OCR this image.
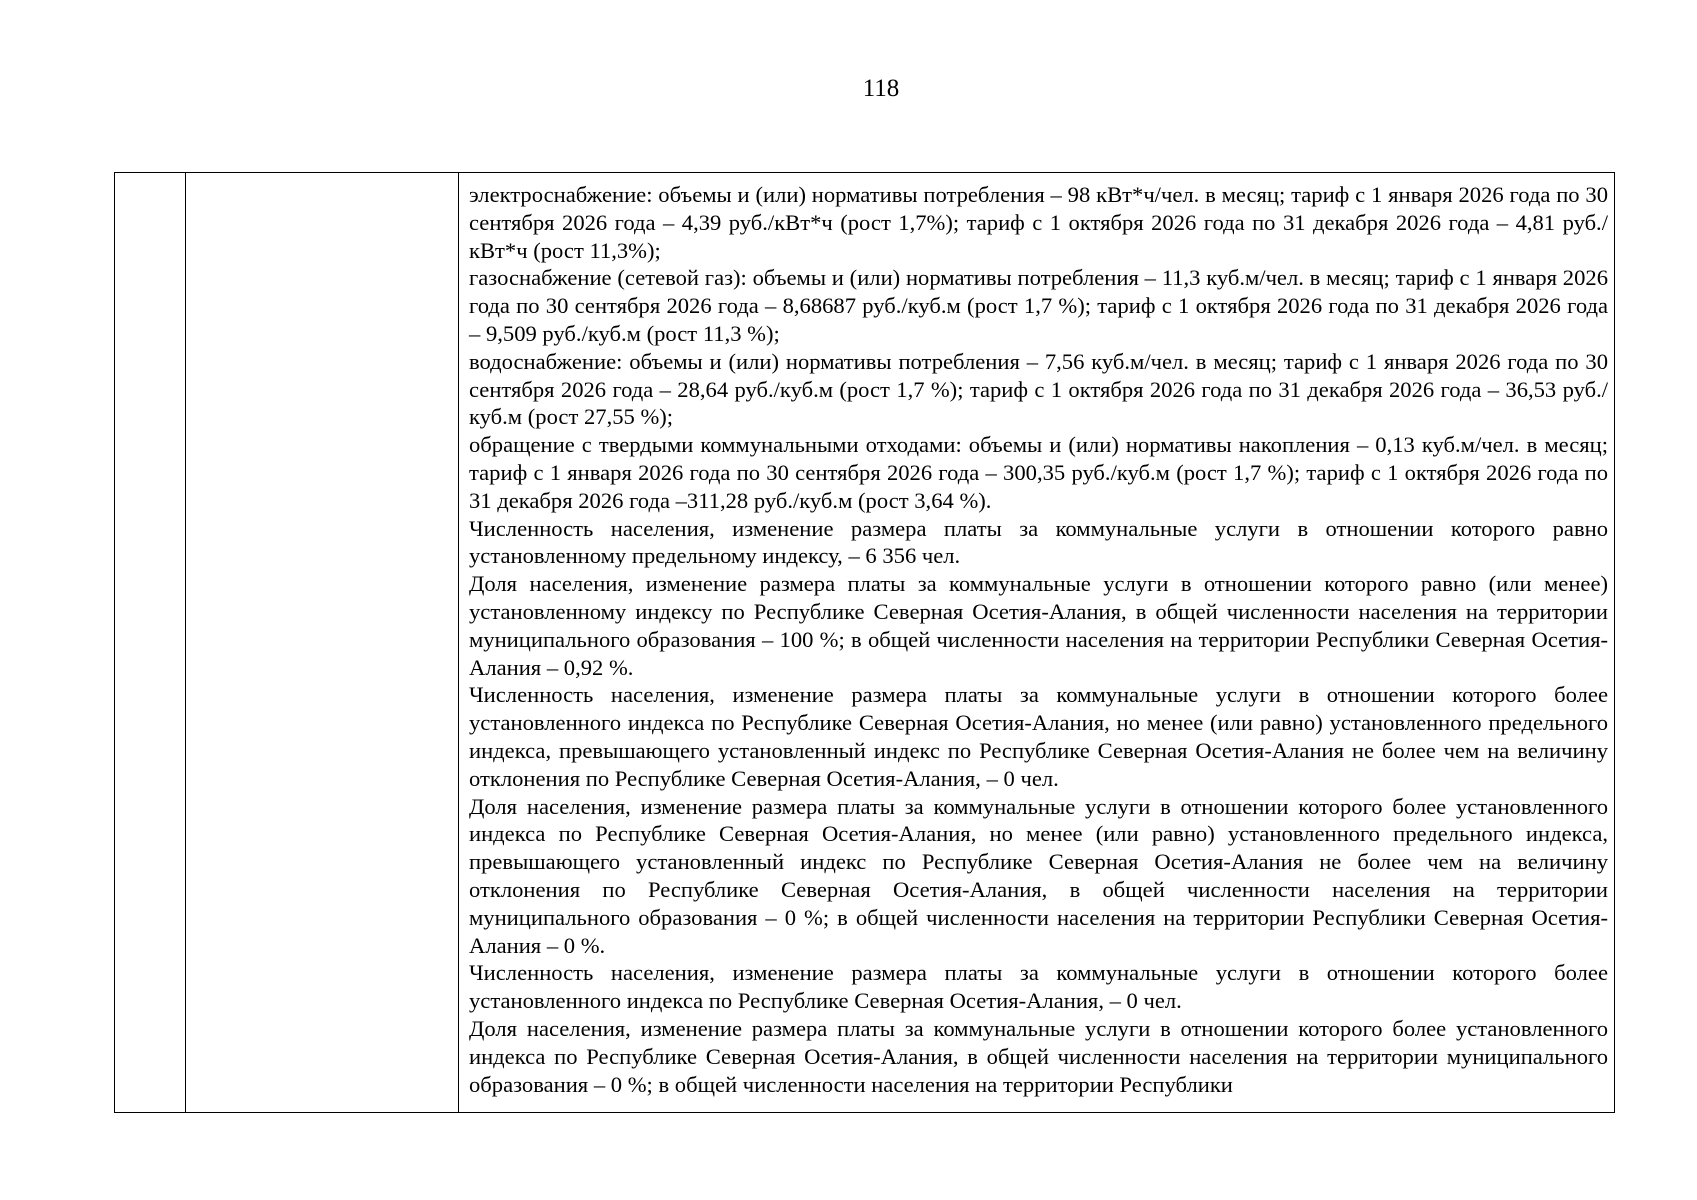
118

электроснабжение: объемы и (или) нормативы потребления – 98 кВт*ч/чел. в месяц; тариф с 1 января 2026 года по 30 сентября 2026 года – 4,39 руб./кВт*ч (рост 1,7%); тариф с 1 октября 2026 года по 31 декабря 2026 года – 4,81 руб./кВт*ч (рост 11,3%);

газоснабжение (сетевой газ): объемы и (или) нормативы потребления – 11,3 куб.м/чел. в месяц; тариф с 1 января 2026 года по 30 сентября 2026 года – 8,68687 руб./куб.м (рост 1,7 %); тариф с 1 октября 2026 года по 31 декабря 2026 года – 9,509 руб./куб.м (рост 11,3 %);

водоснабжение: объемы и (или) нормативы потребления – 7,56 куб.м/чел. в месяц; тариф с 1 января 2026 года по 30 сентября 2026 года – 28,64 руб./куб.м (рост 1,7 %); тариф с 1 октября 2026 года по 31 декабря 2026 года – 36,53 руб./куб.м (рост 27,55 %);

обращение с твердыми коммунальными отходами: объемы и (или) нормативы накопления – 0,13 куб.м/чел. в месяц; тариф с 1 января 2026 года по 30 сентября 2026 года – 300,35 руб./куб.м (рост 1,7 %); тариф с 1 октября 2026 года по 31 декабря 2026 года –311,28 руб./куб.м (рост 3,64 %).

Численность населения, изменение размера платы за коммунальные услуги в отношении которого равно установленному предельному индексу, – 6 356 чел.

Доля населения, изменение размера платы за коммунальные услуги в отношении которого равно (или менее) установленному индексу по Республике Северная Осетия-Алания, в общей численности населения на территории муниципального образования – 100 %; в общей численности населения на территории Республики Северная Осетия-Алания – 0,92 %.

Численность населения, изменение размера платы за коммунальные услуги в отношении которого более установленного индекса по Республике Северная Осетия-Алания, но менее (или равно) установленного предельного индекса, превышающего установленный индекс по Республике Северная Осетия-Алания не более чем на величину отклонения по Республике Северная Осетия-Алания, – 0 чел.

Доля населения, изменение размера платы за коммунальные услуги в отношении которого более установленного индекса по Республике Северная Осетия-Алания, но менее (или равно) установленного предельного индекса, превышающего установленный индекс по Республике Северная Осетия-Алания не более чем на величину отклонения по Республике Северная Осетия-Алания, в общей численности населения на территории муниципального образования – 0 %; в общей численности населения на территории Республики Северная Осетия-Алания – 0 %.

Численность населения, изменение размера платы за коммунальные услуги в отношении которого более установленного индекса по Республике Северная Осетия-Алания, – 0 чел.

Доля населения, изменение размера платы за коммунальные услуги в отношении которого более установленного индекса по Республике Северная Осетия-Алания, в общей численности населения на территории муниципального образования – 0 %; в общей численности населения на территории Республики
